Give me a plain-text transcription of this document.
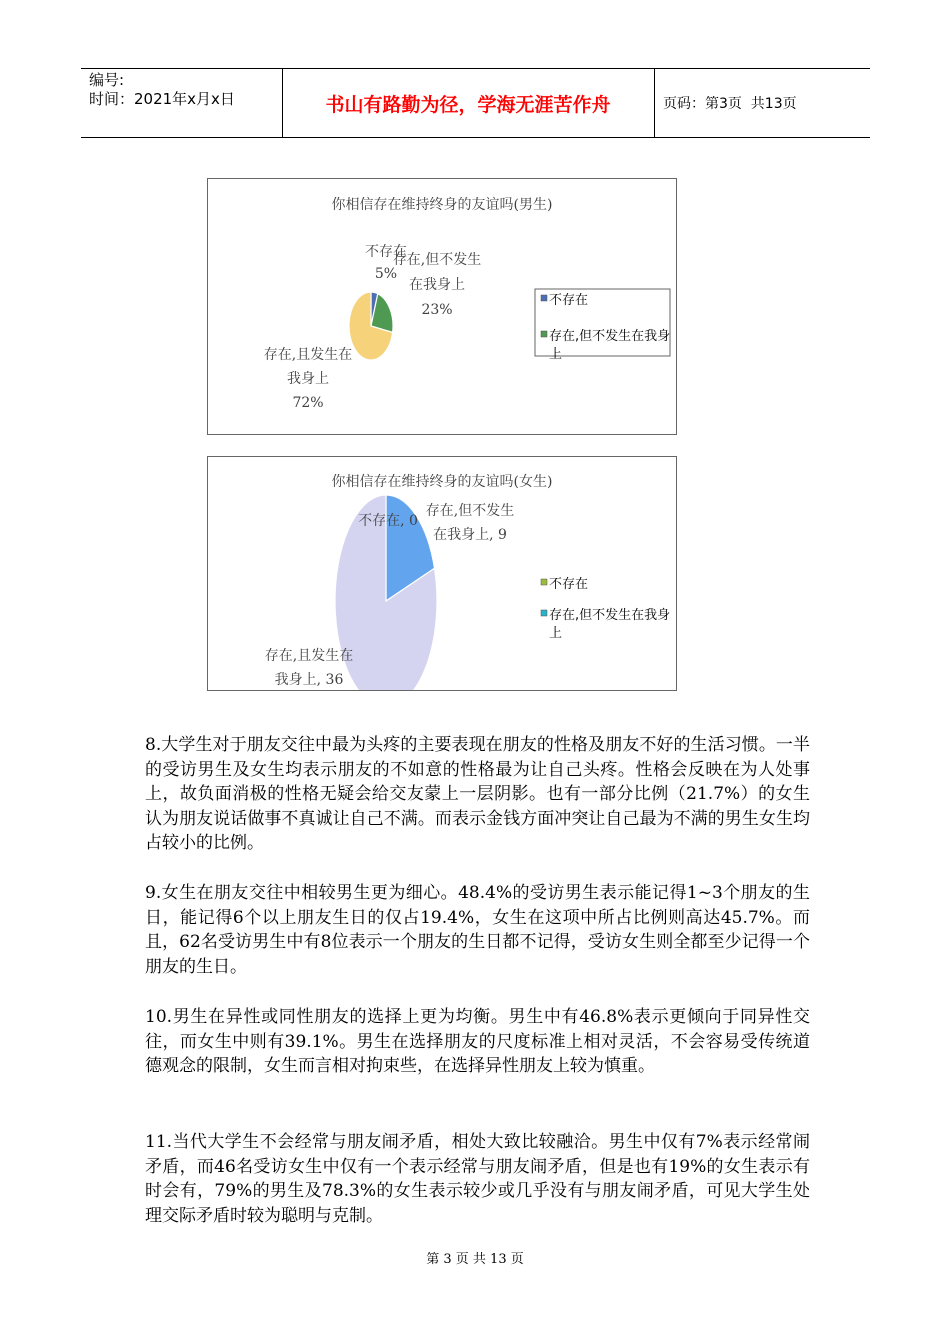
编号:
时间：2021年x月x日	书山有路勤为径，学海无涯苦作舟	页码：第3页  共13页
你相信存在维持终身的友谊吗(男生)
不存在
5%
存在,但不发生
在我身上
23%
存在,且发生在
我身上
72%
不存在
存在,但不发生在我身
上
你相信存在维持终身的友谊吗(女生)
不存在, 0
存在,但不发生
在我身上, 9
存在,且发生在
我身上, 36
不存在
存在,但不发生在我身
上

8.大学生对于朋友交往中最为头疼的主要表现在朋友的性格及朋友不好的生活习惯。一半的受访男生及女生均表示朋友的不如意的性格最为让自己头疼。性格会反映在为人处事上，故负面消极的性格无疑会给交友蒙上一层阴影。也有一部分比例（21.7%）的女生认为朋友说话做事不真诚让自己不满。而表示金钱方面冲突让自己最为不满的男生女生均占较小的比例。

9.女生在朋友交往中相较男生更为细心。48.4%的受访男生表示能记得1~3个朋友的生日，能记得6个以上朋友生日的仅占19.4%，女生在这项中所占比例则高达45.7%。而且，62名受访男生中有8位表示一个朋友的生日都不记得，受访女生则全都至少记得一个朋友的生日。

10.男生在异性或同性朋友的选择上更为均衡。男生中有46.8%表示更倾向于同异性交往，而女生中则有39.1%。男生在选择朋友的尺度标准上相对灵活，不会容易受传统道德观念的限制，女生而言相对拘束些，在选择异性朋友上较为慎重。

11.当代大学生不会经常与朋友闹矛盾，相处大致比较融洽。男生中仅有7%表示经常闹矛盾，而46名受访女生中仅有一个表示经常与朋友闹矛盾，但是也有19%的女生表示有时会有，79%的男生及78.3%的女生表示较少或几乎没有与朋友闹矛盾，可见大学生处理交际矛盾时较为聪明与克制。

第 3 页 共 13 页
